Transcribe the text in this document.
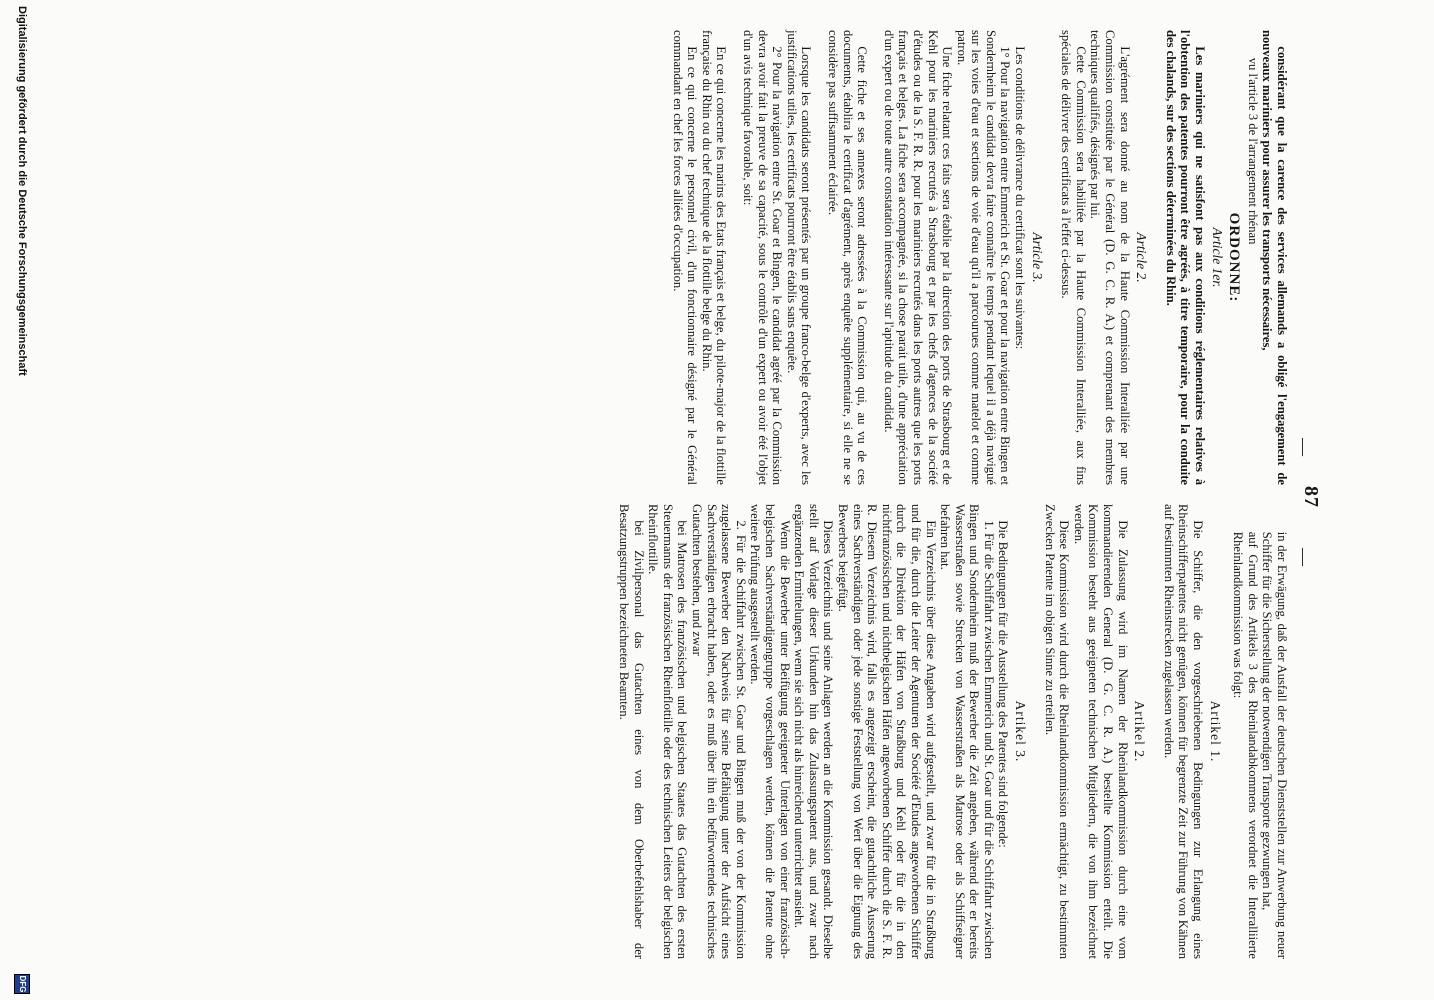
—
87
—

in der Erwägung, daß der Ausfall der deutschen Dienststellen zur Anwerbung neuer Schiffer für die Sicherstellung der notwendigen Transporte gezwungen hat,

auf Grund des Artikels 3 des Rheinlandabkommens verordnet die Interalliierte Rheinlandkommission was folgt:

Artikel 1.

Die Schiffer, die den vorgeschriebenen Bedingungen zur Erlangung eines Rheinschifferpatentes nicht genügen, können für begrenzte Zeit zur Führung von Kähnen auf bestimmten Rheinstrecken zugelassen werden.

Artikel 2.

Die Zulassung wird im Namen der Rheinlandkommission durch eine vom kommandierenden General (D. G. C. R. A.) bestellte Kommission erteilt. Die Kommission besteht aus geeigneten technischen Mitgliedern, die von ihm bezeichnet werden.

Diese Kommission wird durch die Rheinlandkommission ermächtigt, zu bestimmten Zwecken Patente im obigen Sinne zu erteilen.

Artikel 3.

Die Bedingungen für die Ausstellung des Patentes sind folgende:

1. Für die Schiffahrt zwischen Emmerich und St. Goar und für die Schiffahrt zwischen Bingen und Sondernheim muß der Bewerber die Zeit angeben, während der er bereits Wasserstraßen sowie Strecken von Wasserstraßen als Matrose oder als Schiffseigner befahren hat.

Ein Verzeichnis über diese Angaben wird aufgestellt, und zwar für die in Straßburg und für die, durch die Leiter der Agenturen der Société d'Etudes angeworbenen Schiffer durch die Direktion der Häfen von Straßburg und Kehl oder für die in den nichtfranzösischen und nichtbelgischen Häfen angeworbenen Schiffer durch die S. F. R. R. Diesem Verzeichnis wird, falls es angezeigt erscheint, die gutachtliche Äusserung eines Sachverständigen oder jede sonstige Feststellung von Wert über die Eignung des Bewerbers beigefügt.

Dieses Verzeichnis und seine Anlagen werden an die Kommission gesandt. Dieselbe stellt auf Vorlage dieser Urkunden hin das Zulassungspatent aus, und zwar nach ergänzenden Ermittelungen, wenn sie sich nicht als hinreichend unterrichtet ansieht.

Wenn die Bewerber unter Beifügung geeigneter Unterlagen von einer französisch-belgischen Sachverständigengruppe vorgeschlagen werden, können die Patente ohne weitere Prüfung ausgestellt werden.

2. Für die Schiffahrt zwischen St. Goar und Bingen muß der von der Kommission zugelassene Bewerber den Nachweis für seine Befähigung unter der Aufsicht eines Sachverständigen erbracht haben, oder es muß über ihn ein befürwortendes technisches Gutachten bestehen, und zwar

bei Matrosen des französischen und belgischen Staates das Gutachten des ersten Steuermanns der französischen Rheinflottille oder des technischen Leiters der belgischen Rheinflottille.

bei Zivilpersonal das Gutachten eines von dem Oberbefehlshaber der Besatzungstruppen bezeichneten Beamten.

considérant que la carence des services allemands a obligé l'engagement de nouveaux mariniers pour assurer les transports nécessaires,

vu l'article 3 de l'arrangement rhénan

ORDONNE:
Article 1er.

Les mariniers qui ne satisfont pas aux conditions réglementaires relatives à l'obtention des patentes pourront être agréés, à titre temporaire, pour la conduite des chalands, sur des sections déterminées du Rhin.

Article 2.

L'agrément sera donné au nom de la Haute Commission Interalliée par une Commission constituée par le Général (D. G. C. R. A.) et comprenant des membres techniques qualifiés, désignés par lui.

Cette Commission sera habilitée par la Haute Commission Interalliée, aux fins spéciales de délivrer des certificats à l'effet ci-dessus.

Article 3.

Les conditions de délivrance du certificat sont les suivantes:

1° Pour la navigation entre Emmerich et St. Goar et pour la navigation entre Bingen et Sondernheim le candidat devra faire connaître le temps pendant lequel il a déjà navigué sur les voies d'eau et sections de voie d'eau qu'il a parcourues comme matelot et comme patron.

Une fiche relatant ces faits sera établie par la direction des ports de Strasbourg et de Kehl pour les mariniers recrutés à Strasbourg et par les chefs d'agences de la société d'études ou de la S. F. R. R. pour les mariniers recrutés dans les ports autres que les ports français et belges. La fiche sera accompagnée, si la chose parait utile, d'une appréciation d'un expert ou de toute autre constatation intéressante sur l'aptitude du candidat.

Cette fiche et ses annexes seront adressées à la Commission qui, au vu de ces documents, établira le certificat d'agrément, après enquête supplémentaire, si elle ne se considère pas suffisamment éclairée.

Lorsque les candidats seront présentés par un groupe franco-belge d'experts, avec les justifications utiles, les certificats pourront être établis sans enquête.

2° Pour la navigation entre St. Goar et Bingen, le candidat agréé par la Commission devra avoir fait la preuve de sa capacité, sous le contrôle d'un expert ou avoir été l'objet d'un avis technique favorable, soit:

En ce qui concerne les marins des Etats français et belge, du pilote-major de la flottille française du Rhin ou du chef technique de la flottille belge du Rhin.

En ce qui concerne le personnel civil, d'un fonctionnaire désigné par le Général commandant en chef les forces alliées d'occupation.

Digitalisierung gefördert durch die Deutsche Forschungsgemeinschaft
DFG
